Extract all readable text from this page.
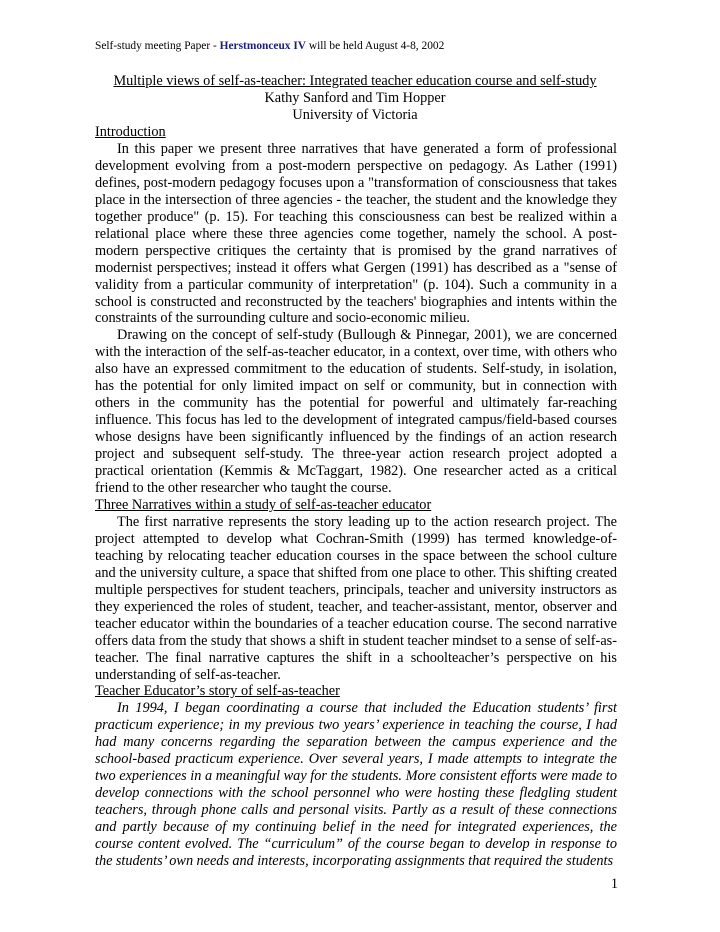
Self-study meeting Paper - Herstmonceux IV will be held August 4-8, 2002
Multiple views of self-as-teacher: Integrated teacher education course and self-study
Kathy Sanford and Tim Hopper
University of Victoria
Introduction

In this paper we present three narratives that have generated a form of professional development evolving from a post-modern perspective on pedagogy. As Lather (1991) defines, post-modern pedagogy focuses upon a "transformation of consciousness that takes place in the intersection of three agencies - the teacher, the student and the knowledge they together produce" (p. 15). For teaching this consciousness can best be realized within a relational place where these three agencies come together, namely the school. A post-modern perspective critiques the certainty that is promised by the grand narratives of modernist perspectives; instead it offers what Gergen (1991) has described as a "sense of validity from a particular community of interpretation" (p. 104). Such a community in a school is constructed and reconstructed by the teachers' biographies and intents within the constraints of the surrounding culture and socio-economic milieu.

Drawing on the concept of self-study (Bullough & Pinnegar, 2001), we are concerned with the interaction of the self-as-teacher educator, in a context, over time, with others who also have an expressed commitment to the education of students. Self-study, in isolation, has the potential for only limited impact on self or community, but in connection with others in the community has the potential for powerful and ultimately far-reaching influence. This focus has led to the development of integrated campus/field-based courses whose designs have been significantly influenced by the findings of an action research project and subsequent self-study. The three-year action research project adopted a practical orientation (Kemmis & McTaggart, 1982). One researcher acted as a critical friend to the other researcher who taught the course.

Three Narratives within a study of self-as-teacher educator

The first narrative represents the story leading up to the action research project. The project attempted to develop what Cochran-Smith (1999) has termed knowledge-of-teaching by relocating teacher education courses in the space between the school culture and the university culture, a space that shifted from one place to other. This shifting created multiple perspectives for student teachers, principals, teacher and university instructors as they experienced the roles of student, teacher, and teacher-assistant, mentor, observer and teacher educator within the boundaries of a teacher education course. The second narrative offers data from the study that shows a shift in student teacher mindset to a sense of self-as-teacher. The final narrative captures the shift in a schoolteacher’s perspective on his understanding of self-as-teacher.

Teacher Educator’s story of self-as-teacher

In 1994, I began coordinating a course that included the Education students’ first practicum experience; in my previous two years’ experience in teaching the course, I had had many concerns regarding the separation between the campus experience and the school-based practicum experience. Over several years, I made attempts to integrate the two experiences in a meaningful way for the students. More consistent efforts were made to develop connections with the school personnel who were hosting these fledgling student teachers, through phone calls and personal visits. Partly as a result of these connections and partly because of my continuing belief in the need for integrated experiences, the course content evolved. The “curriculum” of the course began to develop in response to the students’ own needs and interests, incorporating assignments that required the students

1
